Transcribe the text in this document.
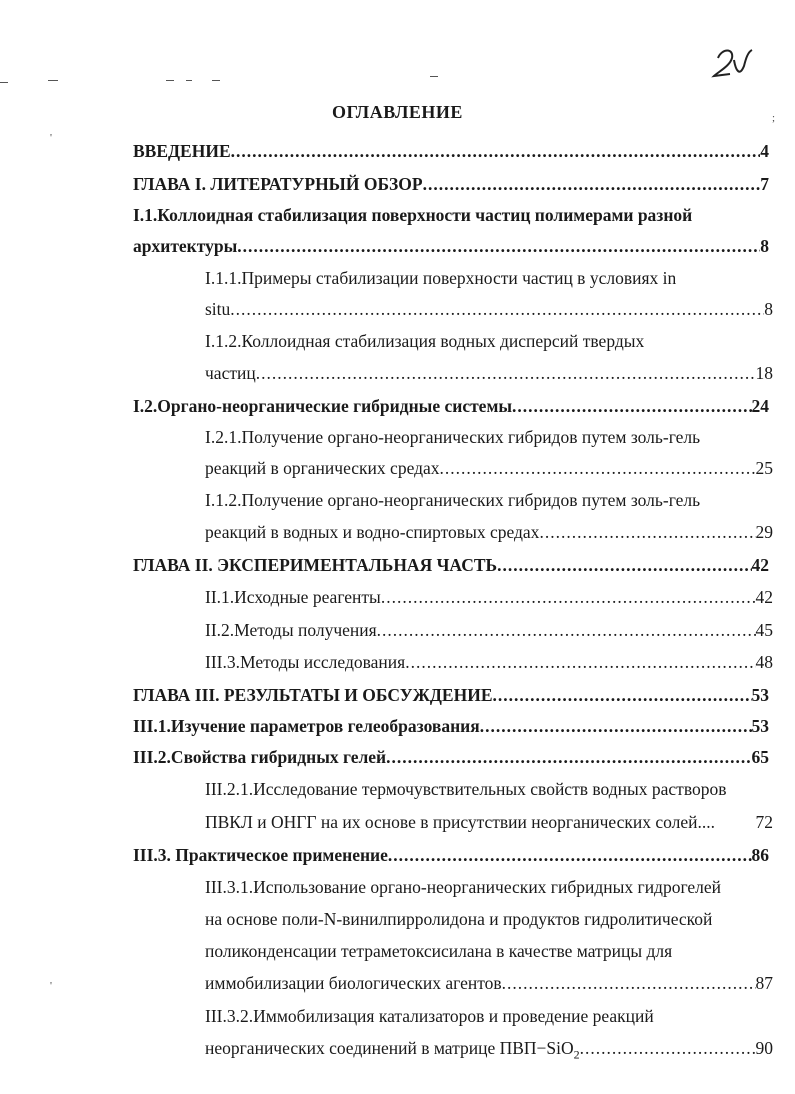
'
'
;
ОГЛАВЛЕНИЕ
ВВЕДЕНИЕ .....	4
ГЛАВА I. ЛИТЕРАТУРНЫЙ ОБЗОР .....	7
I.1.Коллоидная стабилизация поверхности частиц полимерами разной
архитектуры .....	8
I.1.1.Примеры стабилизации поверхности частиц в условиях in
situ .....	8
I.1.2.Коллоидная стабилизация водных дисперсий твердых
частиц .....	18
I.2.Органо-неорганические гибридные системы .....	24
I.2.1.Получение органо-неорганических гибридов путем золь-гель
реакций в органических средах .....	25
I.1.2.Получение органо-неорганических гибридов путем золь-гель
реакций в водных и водно-спиртовых средах .....	29
ГЛАВА II. ЭКСПЕРИМЕНТАЛЬНАЯ ЧАСТЬ .....	42
II.1.Исходные реагенты .....	42
II.2.Методы получения .....	45
III.3.Методы исследования .....	48
ГЛАВА III. РЕЗУЛЬТАТЫ И ОБСУЖДЕНИЕ .....	53
III.1.Изучение параметров гелеобразования .....	53
III.2.Свойства гибридных гелей .....	65
III.2.1.Исследование термочувствительных свойств водных растворов
ПВКЛ и ОНГГ на их основе в присутствии неорганических солей.... 72
III.3. Практическое применение .....	86
III.3.1.Использование органо-неорганических гибридных гидрогелей
на основе поли-N-винилпирролидона и продуктов гидролитической
поликонденсации тетраметоксисилана в качестве матрицы для
иммобилизации биологических агентов .....	87
III.3.2.Иммобилизация катализаторов и проведение реакций
неорганических соединений в матрице ПВП−SiO$_2$ .....	90
